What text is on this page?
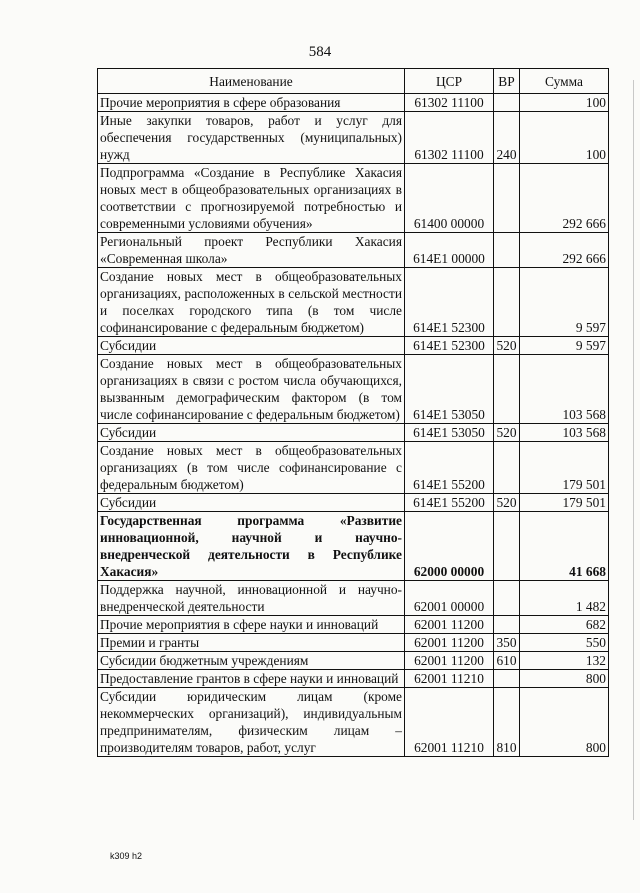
584
Наименование	ЦСР	ВР	Сумма
Прочие мероприятия в сфере образования	61302 11100		100
Иные закупки товаров, работ и услуг для обеспечения государственных (муниципальных) нужд	61302 11100	240	100
Подпрограмма «Создание в Республике Хакасия новых мест в общеобразовательных организациях в соответствии с прогнозируемой потребностью и современными условиями обучения»	61400 00000		292 666
Региональный проект Республики Хакасия «Современная школа»	614E1 00000		292 666
Создание новых мест в общеобразовательных организациях, расположенных в сельской местности и поселках городского типа (в том числе софинансирование с федеральным бюджетом)	614E1 52300		9 597
Субсидии	614E1 52300	520	9 597
Создание новых мест в общеобразовательных организациях в связи с ростом числа обучающихся, вызванным демографическим фактором (в том числе софинансирование с федеральным бюджетом)	614E1 53050		103 568
Субсидии	614E1 53050	520	103 568
Создание новых мест в общеобразовательных организациях (в том числе софинансирование с федеральным бюджетом)	614E1 55200		179 501
Субсидии	614E1 55200	520	179 501
Государственная программа «Развитие инновационной, научной и научно-внедренческой деятельности в Республике Хакасия»	62000 00000		41 668
Поддержка научной, инновационной и научно-внедренческой деятельности	62001 00000		1 482
Прочие мероприятия в сфере науки и инноваций	62001 11200		682
Премии и гранты	62001 11200	350	550
Субсидии бюджетным учреждениям	62001 11200	610	132
Предоставление грантов в сфере науки и инноваций	62001 11210		800
Субсидии юридическим лицам (кроме некоммерческих организаций), индивидуальным предпринимателям, физическим лицам – производителям товаров, работ, услуг	62001 11210	810	800
k309 h2
